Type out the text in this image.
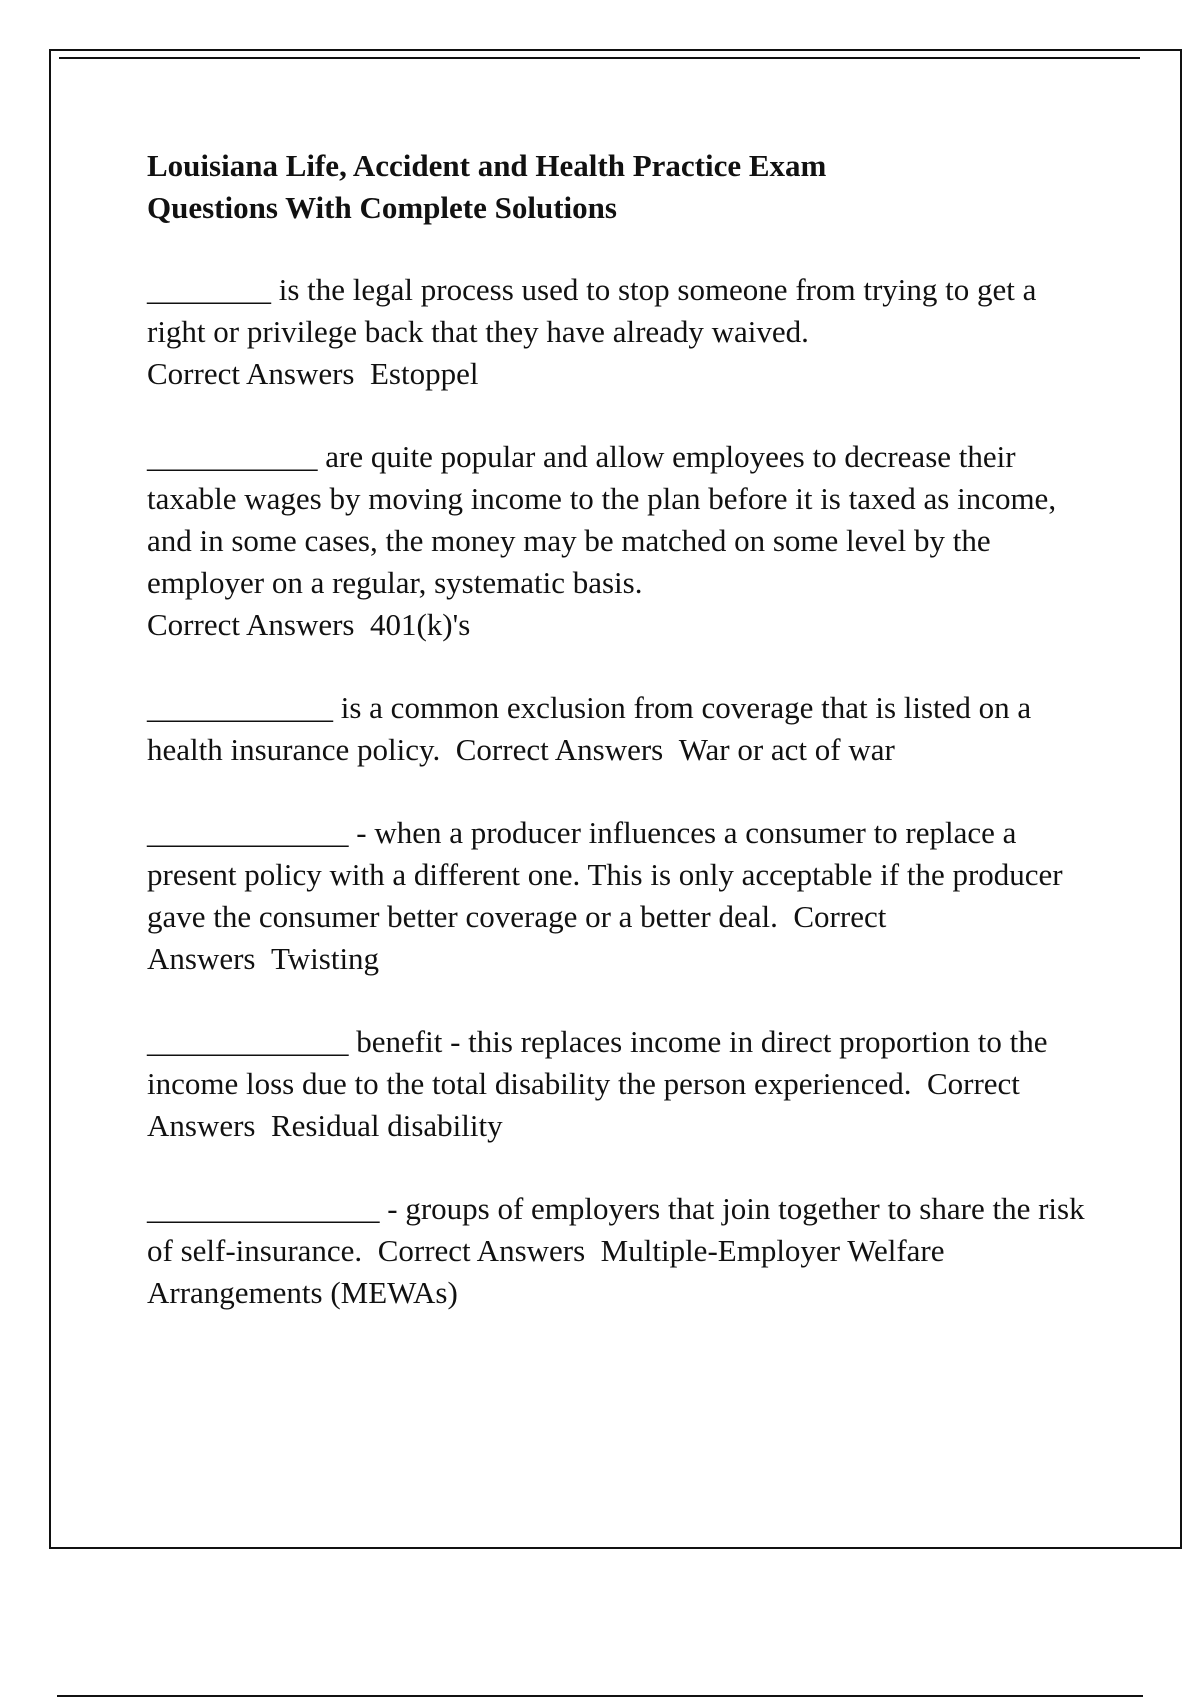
Louisiana Life, Accident and Health Practice Exam
Questions With Complete Solutions
________ is the legal process used to stop someone from trying to get a right or privilege back that they have already waived.
Correct Answers Estoppel
___________ are quite popular and allow employees to decrease their taxable wages by moving income to the plan before it is taxed as income, and in some cases, the money may be matched on some level by the employer on a regular, systematic basis.
Correct Answers 401(k)'s
____________ is a common exclusion from coverage that is listed on a health insurance policy. Correct Answers War or act of war
_____________ - when a producer influences a consumer to replace a present policy with a different one. This is only acceptable if the producer gave the consumer better coverage or a better deal. Correct Answers Twisting
_____________ benefit - this replaces income in direct proportion to the income loss due to the total disability the person experienced. Correct Answers Residual disability
_______________ - groups of employers that join together to share the risk of self-insurance. Correct Answers Multiple-Employer Welfare Arrangements (MEWAs)
